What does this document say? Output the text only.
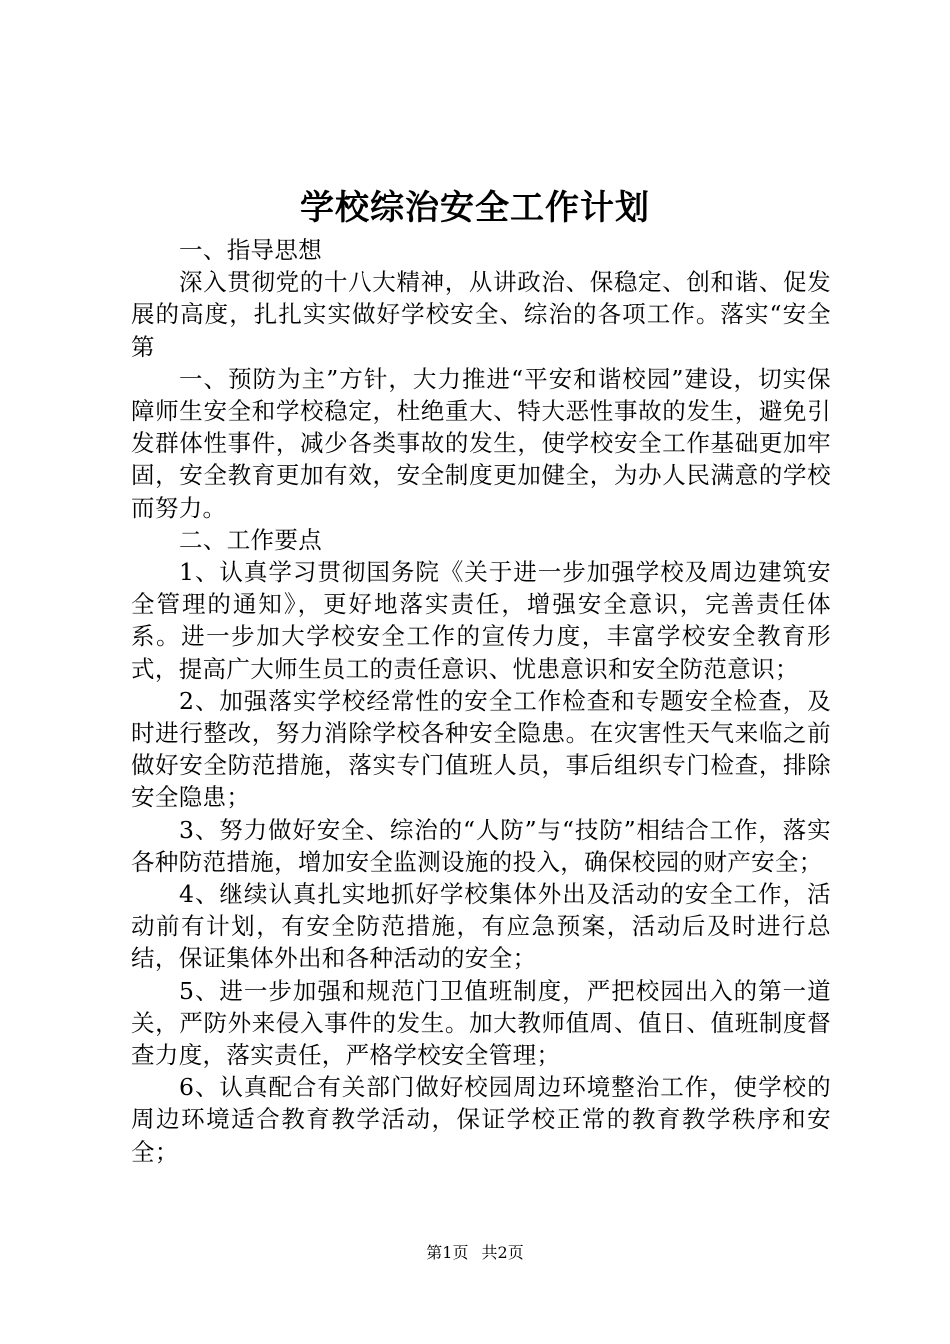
学校综治安全工作计划

一、指导思想

深入贯彻党的十八大精神，从讲政治、保稳定、创和谐、促发展的高度，扎扎实实做好学校安全、综治的各项工作。落实“安全第

一、预防为主”方针，大力推进“平安和谐校园”建设，切实保障师生安全和学校稳定，杜绝重大、特大恶性事故的发生，避免引发群体性事件，减少各类事故的发生，使学校安全工作基础更加牢固，安全教育更加有效，安全制度更加健全，为办人民满意的学校而努力。

二、工作要点

1、认真学习贯彻国务院《关于进一步加强学校及周边建筑安全管理的通知》，更好地落实责任，增强安全意识，完善责任体系。进一步加大学校安全工作的宣传力度，丰富学校安全教育形式，提高广大师生员工的责任意识、忧患意识和安全防范意识；

2、加强落实学校经常性的安全工作检查和专题安全检查，及时进行整改，努力消除学校各种安全隐患。在灾害性天气来临之前做好安全防范措施，落实专门值班人员，事后组织专门检查，排除安全隐患；

3、努力做好安全、综治的“人防”与“技防”相结合工作，落实各种防范措施，增加安全监测设施的投入，确保校园的财产安全；

4、继续认真扎实地抓好学校集体外出及活动的安全工作，活动前有计划，有安全防范措施，有应急预案，活动后及时进行总结，保证集体外出和各种活动的安全；

5、进一步加强和规范门卫值班制度，严把校园出入的第一道关，严防外来侵入事件的发生。加大教师值周、值日、值班制度督查力度，落实责任，严格学校安全管理；

6、认真配合有关部门做好校园周边环境整治工作，使学校的周边环境适合教育教学活动，保证学校正常的教育教学秩序和安全；

第1页 共2页
